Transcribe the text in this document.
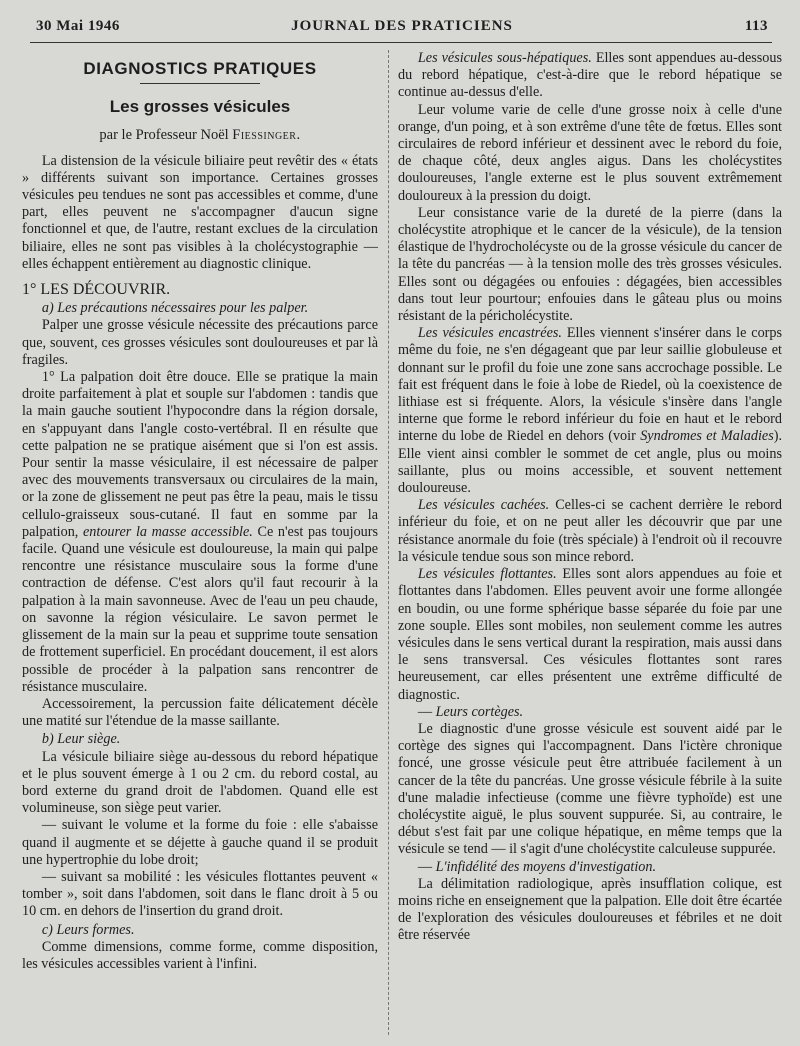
30 Mai 1946	JOURNAL DES PRATICIENS	113
DIAGNOSTICS PRATIQUES
Les grosses vésicules
par le Professeur Noël Fiessinger.

La distension de la vésicule biliaire peut revêtir des « états » différents suivant son importance. Certaines grosses vésicules peu tendues ne sont pas accessibles et comme, d'une part, elles peuvent ne s'accompagner d'aucun signe fonctionnel et que, de l'autre, restant exclues de la circulation biliaire, elles ne sont pas visibles à la cholécystographie — elles échappent entièrement au diagnostic clinique.

1° LES DÉCOUVRIR.

a) Les précautions nécessaires pour les palper.

Palper une grosse vésicule nécessite des précautions parce que, souvent, ces grosses vésicules sont douloureuses et par là fragiles.

1° La palpation doit être douce. Elle se pratique la main droite parfaitement à plat et souple sur l'abdomen : tandis que la main gauche soutient l'hypocondre dans la région dorsale, en s'appuyant dans l'angle costo-vertébral. Il en résulte que cette palpation ne se pratique aisément que si l'on est assis. Pour sentir la masse vésiculaire, il est nécessaire de palper avec des mouvements transversaux ou circulaires de la main, or la zone de glissement ne peut pas être la peau, mais le tissu cellulo-graisseux sous-cutané. Il faut en somme par la palpation, entourer la masse accessible. Ce n'est pas toujours facile. Quand une vésicule est douloureuse, la main qui palpe rencontre une résistance musculaire sous la forme d'une contraction de défense. C'est alors qu'il faut recourir à la palpation à la main savonneuse. Avec de l'eau un peu chaude, on savonne la région vésiculaire. Le savon permet le glissement de la main sur la peau et supprime toute sensation de frottement superficiel. En procédant doucement, il est alors possible de procéder à la palpation sans rencontrer de résistance musculaire.

Accessoirement, la percussion faite délicatement décèle une matité sur l'étendue de la masse saillante.

b) Leur siège.

La vésicule biliaire siège au-dessous du rebord hépatique et le plus souvent émerge à 1 ou 2 cm. du rebord costal, au bord externe du grand droit de l'abdomen. Quand elle est volumineuse, son siège peut varier.

— suivant le volume et la forme du foie : elle s'abaisse quand il augmente et se déjette à gauche quand il se produit une hypertrophie du lobe droit;

— suivant sa mobilité : les vésicules flottantes peuvent « tomber », soit dans l'abdomen, soit dans le flanc droit à 5 ou 10 cm. en dehors de l'insertion du grand droit.

c) Leurs formes.

Comme dimensions, comme forme, comme disposition, les vésicules accessibles varient à l'infini.

Les vésicules sous-hépatiques. Elles sont appendues au-dessous du rebord hépatique, c'est-à-dire que le rebord hépatique se continue au-dessus d'elle.

Leur volume varie de celle d'une grosse noix à celle d'une orange, d'un poing, et à son extrême d'une tête de fœtus. Elles sont circulaires de rebord inférieur et dessinent avec le rebord du foie, de chaque côté, deux angles aigus. Dans les cholécystites douloureuses, l'angle externe est le plus souvent extrêmement douloureux à la pression du doigt.

Leur consistance varie de la dureté de la pierre (dans la cholécystite atrophique et le cancer de la vésicule), de la tension élastique de l'hydrocholécyste ou de la grosse vésicule du cancer de la tête du pancréas — à la tension molle des très grosses vésicules. Elles sont ou dégagées ou enfouies : dégagées, bien accessibles dans tout leur pourtour; enfouies dans le gâteau plus ou moins résistant de la péricholécystite.

Les vésicules encastrées. Elles viennent s'insérer dans le corps même du foie, ne s'en dégageant que par leur saillie globuleuse et donnant sur le profil du foie une zone sans accrochage possible. Le fait est fréquent dans le foie à lobe de Riedel, où la coexistence de lithiase est si fréquente. Alors, la vésicule s'insère dans l'angle interne que forme le rebord inférieur du foie en haut et le rebord interne du lobe de Riedel en dehors (voir Syndromes et Maladies). Elle vient ainsi combler le sommet de cet angle, plus ou moins saillante, plus ou moins accessible, et souvent nettement douloureuse.

Les vésicules cachées. Celles-ci se cachent derrière le rebord inférieur du foie, et on ne peut aller les découvrir que par une résistance anormale du foie (très spéciale) à l'endroit où il recouvre la vésicule tendue sous son mince rebord.

Les vésicules flottantes. Elles sont alors appendues au foie et flottantes dans l'abdomen. Elles peuvent avoir une forme allongée en boudin, ou une forme sphérique basse séparée du foie par une zone souple. Elles sont mobiles, non seulement comme les autres vésicules dans le sens vertical durant la respiration, mais aussi dans le sens transversal. Ces vésicules flottantes sont rares heureusement, car elles présentent une extrême difficulté de diagnostic.

— Leurs cortèges.

Le diagnostic d'une grosse vésicule est souvent aidé par le cortège des signes qui l'accompagnent. Dans l'ictère chronique foncé, une grosse vésicule peut être attribuée facilement à un cancer de la tête du pancréas. Une grosse vésicule fébrile à la suite d'une maladie infectieuse (comme une fièvre typhoïde) est une cholécystite aiguë, le plus souvent suppurée. Si, au contraire, le début s'est fait par une colique hépatique, en même temps que la vésicule se tend — il s'agit d'une cholécystite calculeuse suppurée.

— L'infidélité des moyens d'investigation.

La délimitation radiologique, après insufflation colique, est moins riche en enseignement que la palpation. Elle doit être écartée de l'exploration des vésicules douloureuses et fébriles et ne doit être réservée
